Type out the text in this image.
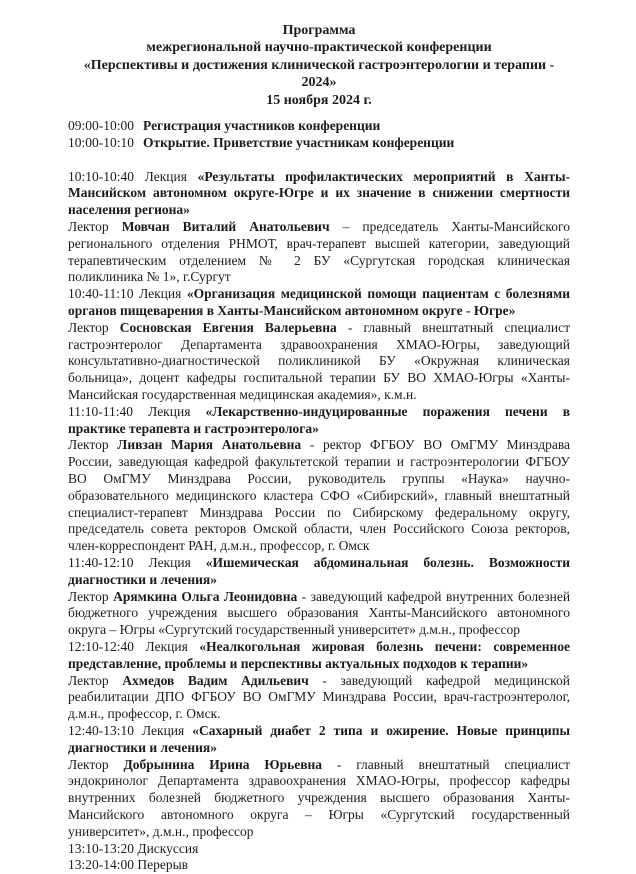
Программа

межрегиональной научно-практической конференции

«Перспективы и достижения клинической гастроэнтерологии и терапии - 2024»

15 ноября 2024 г.

09:00-10:00 Регистрация участников конференции

10:00-10:10 Открытие. Приветствие участникам конференции

10:10-10:40 Лекция «Результаты профилактических мероприятий в Ханты-Мансийском автономном округе-Югре и их значение в снижении смертности населения региона»

Лектор Мовчан Виталий Анатольевич – председатель Ханты-Мансийского регионального отделения РНМОТ, врач-терапевт высшей категории, заведующий терапевтическим отделением № 2 БУ «Сургутская городская клиническая поликлиника № 1», г.Сургут

10:40-11:10 Лекция «Организация медицинской помощи пациентам с болезнями органов пищеварения в Ханты-Мансийском автономном округе - Югре»

Лектор Сосновская Евгения Валерьевна - главный внештатный специалист гастроэнтеролог Департамента здравоохранения ХМАО-Югры, заведующий консультативно-диагностической поликлиникой БУ «Окружная клиническая больница», доцент кафедры госпитальной терапии БУ ВО ХМАО-Югры «Ханты-Мансийская государственная медицинская академия», к.м.н.

11:10-11:40 Лекция «Лекарственно-индуцированные поражения печени в практике терапевта и гастроэнтеролога»

Лектор Ливзан Мария Анатольевна - ректор ФГБОУ ВО ОмГМУ Минздрава России, заведующая кафедрой факультетской терапии и гастроэнтерологии ФГБОУ ВО ОмГМУ Минздрава России, руководитель группы «Наука» научно-образовательного медицинского кластера СФО «Сибирский», главный внештатный специалист-терапевт Минздрава России по Сибирскому федеральному округу, председатель совета ректоров Омской области, член Российского Союза ректоров, член-корреспондент РАН, д.м.н., профессор, г. Омск

11:40-12:10 Лекция «Ишемическая абдоминальная болезнь. Возможности диагностики и лечения»

Лектор Арямкина Ольга Леонидовна - заведующий кафедрой внутренних болезней бюджетного учреждения высшего образования Ханты-Мансийского автономного округа – Югры «Сургутский государственный университет» д.м.н., профессор

12:10-12:40 Лекция «Неалкогольная жировая болезнь печени: современное представление, проблемы и перспективы актуальных подходов к терапии»

Лектор Ахмедов Вадим Адильевич - заведующий кафедрой медицинской реабилитации ДПО ФГБОУ ВО ОмГМУ Минздрава России, врач-гастроэнтеролог, д.м.н., профессор, г. Омск.

12:40-13:10 Лекция «Сахарный диабет 2 типа и ожирение. Новые принципы диагностики и лечения»

Лектор Добрынина Ирина Юрьевна - главный внештатный специалист эндокринолог Департамента здравоохранения ХМАО-Югры, профессор кафедры внутренних болезней бюджетного учреждения высшего образования Ханты-Мансийского автономного округа – Югры «Сургутский государственный университет», д.м.н., профессор

13:10-13:20 Дискуссия

13:20-14:00 Перерыв
